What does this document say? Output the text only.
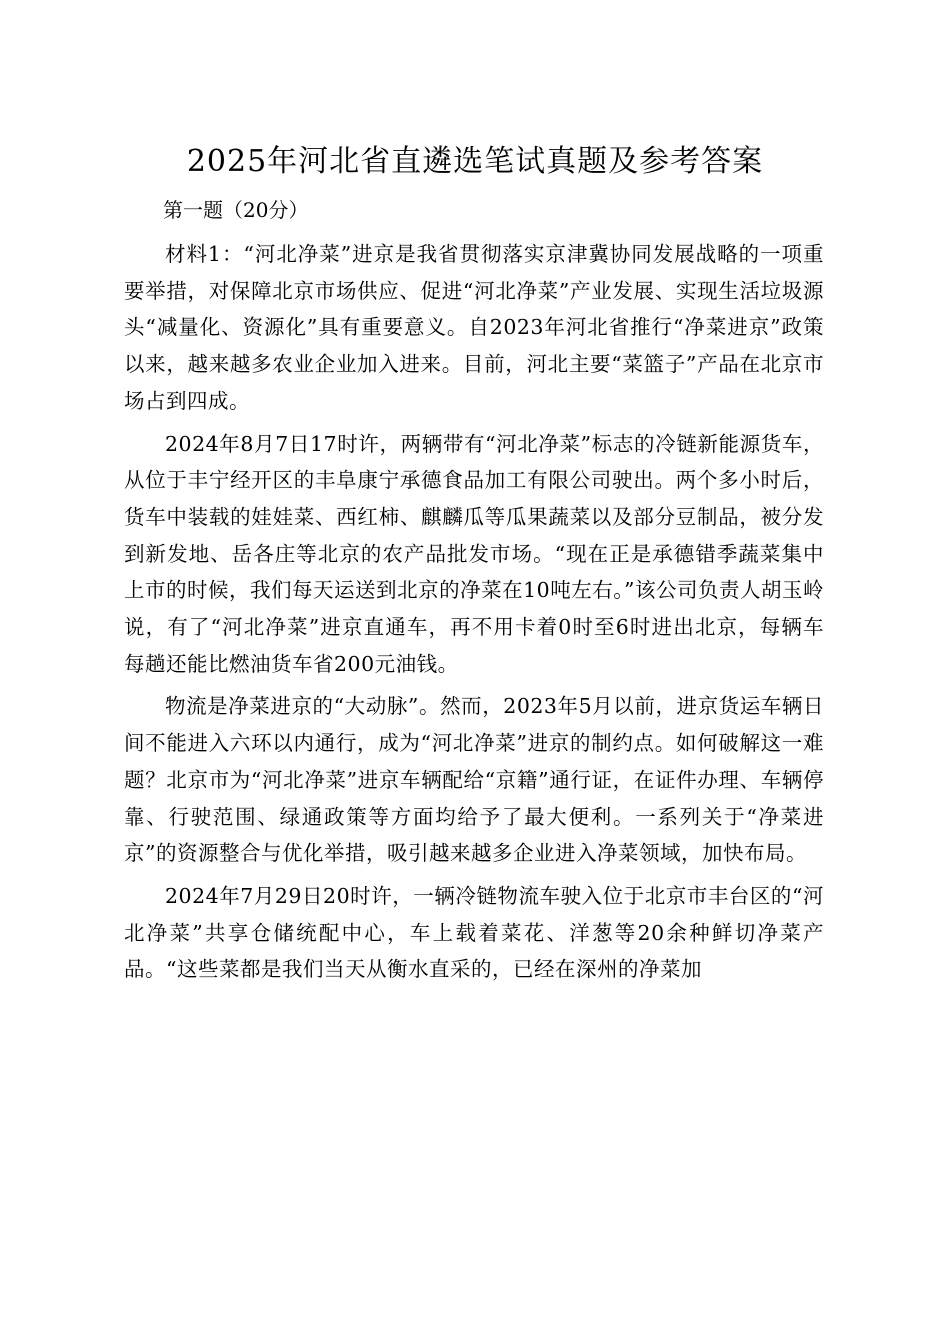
2025年河北省直遴选笔试真题及参考答案
第一题（20分）

材料1：“河北净菜”进京是我省贯彻落实京津冀协同发展战略的一项重要举措，对保障北京市场供应、促进“河北净菜”产业发展、实现生活垃圾源头“减量化、资源化”具有重要意义。自2023年河北省推行“净菜进京”政策以来，越来越多农业企业加入进来。目前，河北主要“菜篮子”产品在北京市场占到四成。

2024年8月7日17时许，两辆带有“河北净菜”标志的冷链新能源货车，从位于丰宁经开区的丰阜康宁承德食品加工有限公司驶出。两个多小时后，货车中装载的娃娃菜、西红柿、麒麟瓜等瓜果蔬菜以及部分豆制品，被分发到新发地、岳各庄等北京的农产品批发市场。“现在正是承德错季蔬菜集中上市的时候，我们每天运送到北京的净菜在10吨左右。”该公司负责人胡玉岭说，有了“河北净菜”进京直通车，再不用卡着0时至6时进出北京，每辆车每趟还能比燃油货车省200元油钱。

物流是净菜进京的“大动脉”。然而，2023年5月以前，进京货运车辆日间不能进入六环以内通行，成为“河北净菜”进京的制约点。如何破解这一难题？北京市为“河北净菜”进京车辆配给“京籍”通行证，在证件办理、车辆停靠、行驶范围、绿通政策等方面均给予了最大便利。一系列关于“净菜进京”的资源整合与优化举措，吸引越来越多企业进入净菜领域，加快布局。

2024年7月29日20时许，一辆冷链物流车驶入位于北京市丰台区的“河北净菜”共享仓储统配中心，车上载着菜花、洋葱等20余种鲜切净菜产品。“这些菜都是我们当天从衡水直采的，已经在深州的净菜加
